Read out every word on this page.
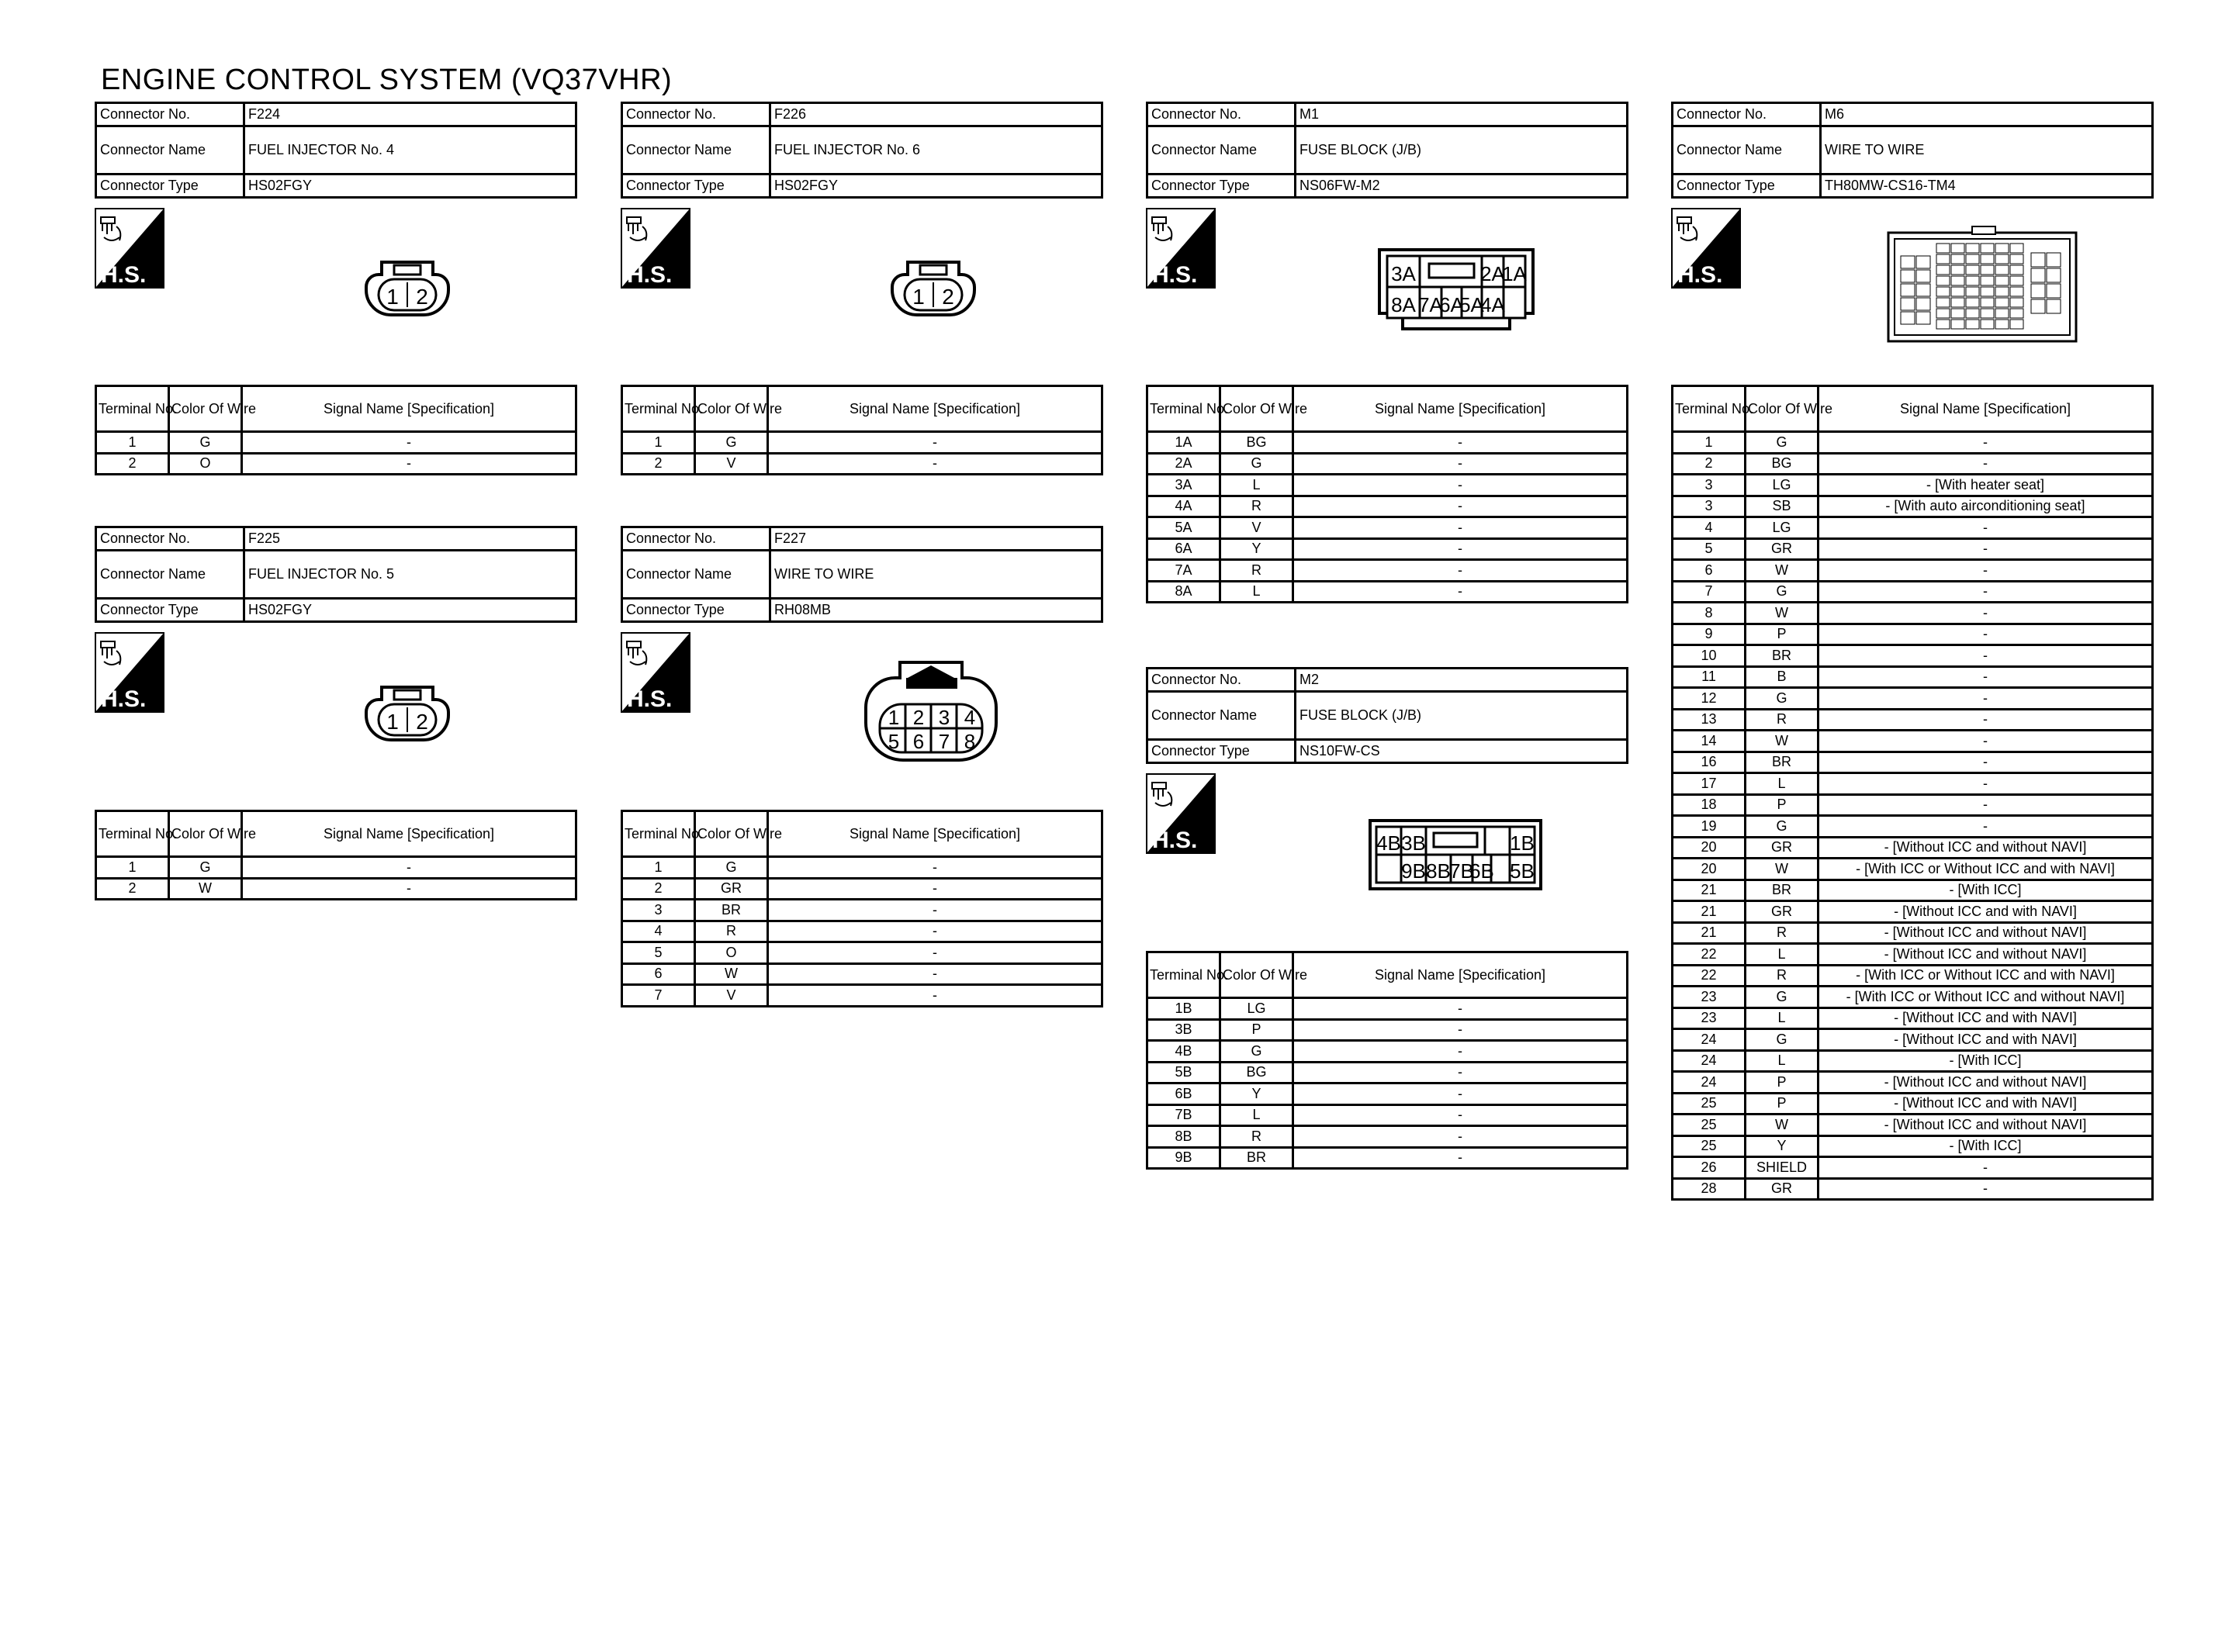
ENGINE CONTROL SYSTEM (VQ37VHR)
Connector No.	F224
Connector Name	FUEL INJECTOR No. 4
Connector Type	HS02FGY
H.S.
1 2
Terminal No.	Color Of Wire	Signal Name [Specification]
1	G	-
2	O	-
Connector No.	F225
Connector Name	FUEL INJECTOR No. 5
Connector Type	HS02FGY
H.S.
1 2
Terminal No.	Color Of Wire	Signal Name [Specification]
1	G	-
2	W	-
Connector No.	F226
Connector Name	FUEL INJECTOR No. 6
Connector Type	HS02FGY
H.S.
1 2
Terminal No.	Color Of Wire	Signal Name [Specification]
1	G	-
2	V	-
Connector No.	F227
Connector Name	WIRE TO WIRE
Connector Type	RH08MB
H.S.
1 2 3 4
5 6 7 8
Terminal No.	Color Of Wire	Signal Name [Specification]
1	G	-
2	GR	-
3	BR	-
4	R	-
5	O	-
6	W	-
7	V	-
Connector No.	M1
Connector Name	FUSE BLOCK (J/B)
Connector Type	NS06FW-M2
H.S.	3A	2A
1A
8A 7A
6A
5A
4A
Terminal No.	Color Of Wire	Signal Name [Specification]
1A	BG	-
2A	G	-
3A	L	-
4A	R	-
5A	V	-
6A	Y	-
7A	R	-
8A	L	-
Connector No.	M2
Connector Name	FUSE BLOCK (J/B)
Connector Type	NS10FW-CS
H.S.	4B 3B	1B
9B 8B
7B
6B 5B
Terminal No.	Color Of Wire	Signal Name [Specification]
1B	LG	-
3B	P	-
4B	G	-
5B	BG	-
6B	Y	-
7B	L	-
8B	R	-
9B	BR	-
Connector No.	M6
Connector Name	WIRE TO WIRE
Connector Type	TH80MW-CS16-TM4
H.S.
Terminal No.	Color Of Wire	Signal Name [Specification]
1	G	-
2	BG	-
3	LG	- [With heater seat]
3	SB	- [With auto airconditioning seat]
4	LG	-
5	GR	-
6	W	-
7	G	-
8	W	-
9	P	-
10	BR	-
11	B	-
12	G	-
13	R	-
14	W	-
16	BR	-
17	L	-
18	P	-
19	G	-
20	GR	- [Without ICC and without NAVI]
20	W	- [With ICC or Without ICC and with NAVI]
21	BR	- [With ICC]
21	GR	- [Without ICC and with NAVI]
21	R	- [Without ICC and without NAVI]
22	L	- [Without ICC and without NAVI]
22	R	- [With ICC or Without ICC and with NAVI]
23	G	- [With ICC or Without ICC and without NAVI]
23	L	- [Without ICC and with NAVI]
24	G	- [Without ICC and with NAVI]
24	L	- [With ICC]
24	P	- [Without ICC and without NAVI]
25	P	- [Without ICC and with NAVI]
25	W	- [Without ICC and without NAVI]
25	Y	- [With ICC]
26	SHIELD	-
28	GR	-
